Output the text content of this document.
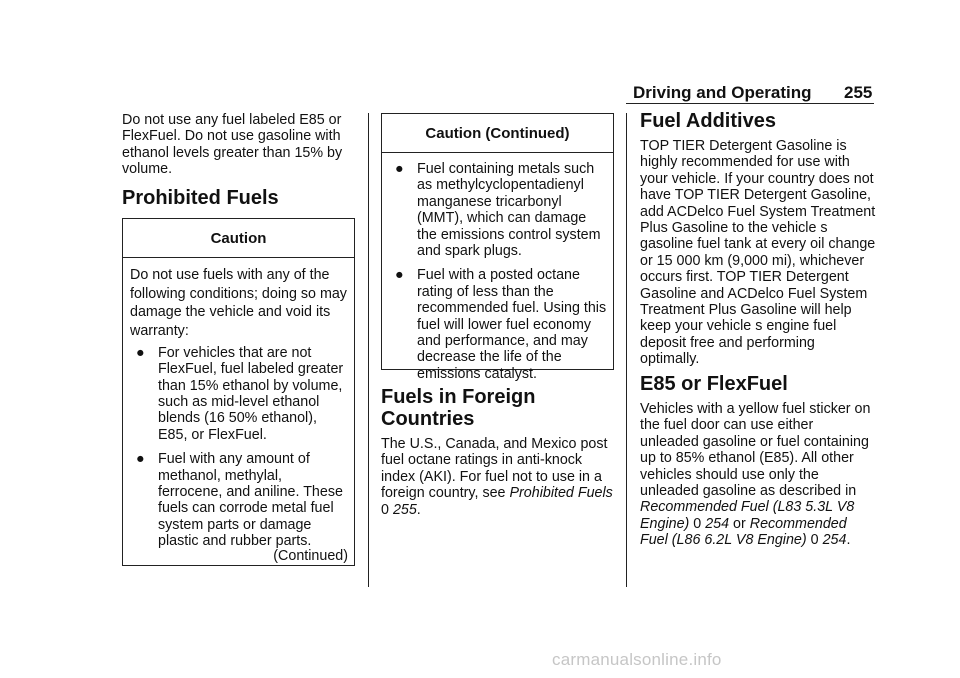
Driving and Operating 255
Do not use any fuel labeled E85 or FlexFuel. Do not use gasoline with ethanol levels greater than 15% by volume.
Prohibited Fuels
Caution
Do not use fuels with any of the following conditions; doing so may damage the vehicle and void its warranty:
● For vehicles that are not FlexFuel, fuel labeled greater than 15% ethanol by volume, such as mid-level ethanol blends (16 50% ethanol), E85, or FlexFuel.
● Fuel with any amount of methanol, methylal, ferrocene, and aniline. These fuels can corrode metal fuel system parts or damage plastic and rubber parts.
(Continued)
Caution (Continued)
● Fuel containing metals such as methylcyclopentadienyl manganese tricarbonyl (MMT), which can damage the emissions control system and spark plugs.
● Fuel with a posted octane rating of less than the recommended fuel. Using this fuel will lower fuel economy and performance, and may decrease the life of the emissions catalyst.
Fuels in Foreign
Countries
The U.S., Canada, and Mexico post fuel octane ratings in anti-knock index (AKI). For fuel not to use in a foreign country, see Prohibited Fuels 0 255.
Fuel Additives
TOP TIER Detergent Gasoline is highly recommended for use with your vehicle. If your country does not have TOP TIER Detergent Gasoline, add ACDelco Fuel System Treatment Plus Gasoline to the vehicle s gasoline fuel tank at every oil change or 15 000 km (9,000 mi), whichever occurs first. TOP TIER Detergent Gasoline and ACDelco Fuel System Treatment Plus Gasoline will help keep your vehicle s engine fuel deposit free and performing optimally.
E85 or FlexFuel
Vehicles with a yellow fuel sticker on the fuel door can use either unleaded gasoline or fuel containing up to 85% ethanol (E85). All other vehicles should use only the unleaded gasoline as described in Recommended Fuel (L83 5.3L V8 Engine) 0 254 or Recommended Fuel (L86 6.2L V8 Engine) 0 254.
carmanualsonline.info
